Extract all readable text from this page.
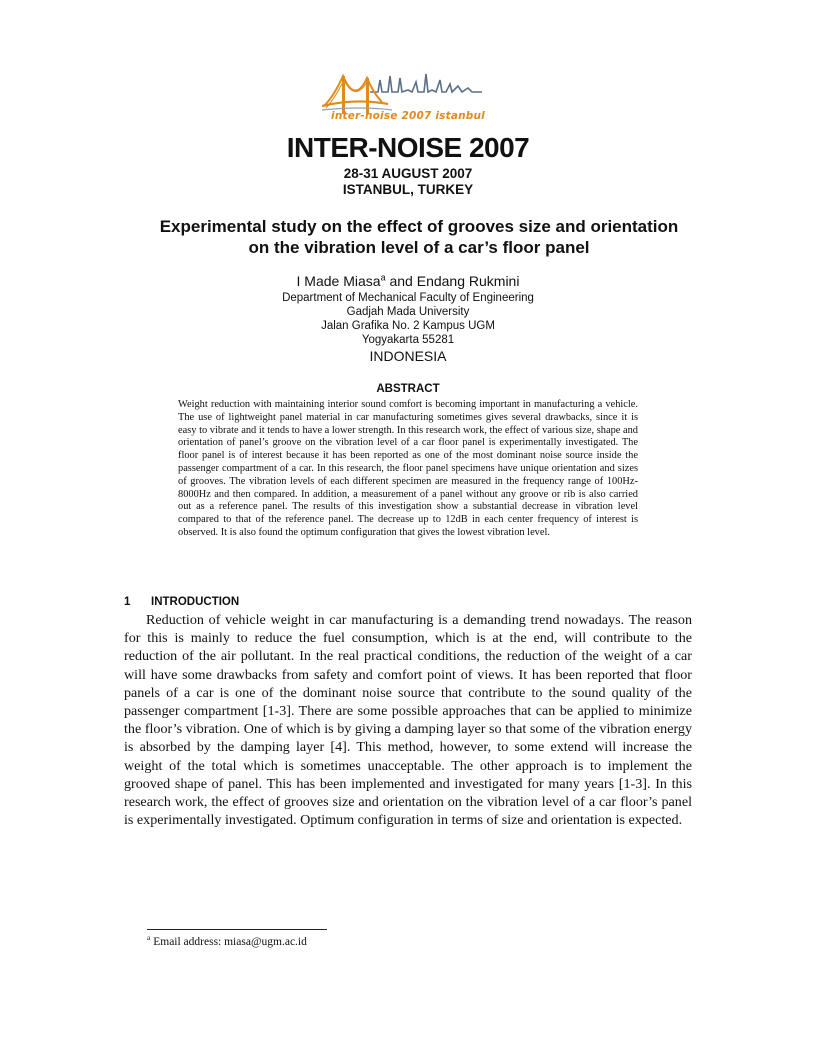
inter-noise 2007 istanbul
INTER-NOISE 2007
28-31 AUGUST 2007
ISTANBUL, TURKEY
Experimental study on the effect of grooves size and orientation
on the vibration level of a car’s floor panel
I Made Miasa$^a$ and Endang Rukmini
Department of Mechanical Faculty of Engineering
Gadjah Mada University
Jalan Grafika No. 2 Kampus UGM
Yogyakarta 55281
INDONESIA
ABSTRACT
Weight reduction with maintaining interior sound comfort is becoming important in manufacturing a vehicle. The use of lightweight panel material in car manufacturing sometimes gives several drawbacks, since it is easy to vibrate and it tends to have a lower strength. In this research work, the effect of various size, shape and orientation of panel’s groove on the vibration level of a car floor panel is experimentally investigated. The floor panel is of interest because it has been reported as one of the most dominant noise source inside the passenger compartment of a car. In this research, the floor panel specimens have unique orientation and sizes of grooves. The vibration levels of each different specimen are measured in the frequency range of 100Hz-8000Hz and then compared. In addition, a measurement of a panel without any groove or rib is also carried out as a reference panel. The results of this investigation show a substantial decrease in vibration level compared to that of the reference panel. The decrease up to 12dB in each center frequency of interest is observed. It is also found the optimum configuration that gives the lowest vibration level.
1 INTRODUCTION
Reduction of vehicle weight in car manufacturing is a demanding trend nowadays. The reason for this is mainly to reduce the fuel consumption, which is at the end, will contribute to the reduction of the air pollutant. In the real practical conditions, the reduction of the weight of a car will have some drawbacks from safety and comfort point of views. It has been reported that floor panels of a car is one of the dominant noise source that contribute to the sound quality of the passenger compartment [1-3]. There are some possible approaches that can be applied to minimize the floor’s vibration. One of which is by giving a damping layer so that some of the vibration energy is absorbed by the damping layer [4]. This method, however, to some extend will increase the weight of the total which is sometimes unacceptable. The other approach is to implement the grooved shape of panel. This has been implemented and investigated for many years [1-3]. In this research work, the effect of grooves size and orientation on the vibration level of a car floor’s panel is experimentally investigated. Optimum configuration in terms of size and orientation is expected.
$^a$ Email address: miasa@ugm.ac.id
